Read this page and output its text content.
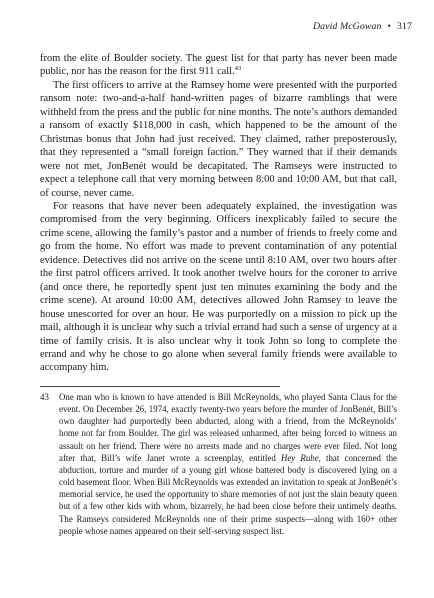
David McGowan • 317

from the elite of Boulder society. The guest list for that party has never been made public, nor has the reason for the first 911 call.$^{43}$

The first officers to arrive at the Ramsey home were presented with the purported ransom note: two-and-a-half hand-written pages of bizarre ramblings that were withheld from the press and the public for nine months. The note’s authors demanded a ransom of exactly $118,000 in cash, which happened to be the amount of the Christmas bonus that John had just received. They claimed, rather preposterously, that they represented a “small foreign faction.” They warned that if their demands were not met, JonBenét would be decapitated. The Ramseys were instructed to expect a telephone call that very morning between 8:00 and 10:00 AM, but that call, of course, never came.

For reasons that have never been adequately explained, the investigation was compromised from the very beginning. Officers inexplicably failed to secure the crime scene, allowing the family’s pastor and a number of friends to freely come and go from the home. No effort was made to prevent contamination of any potential evidence. Detectives did not arrive on the scene until 8:10 AM, over two hours after the first patrol officers arrived. It took another twelve hours for the coroner to arrive (and once there, he reportedly spent just ten minutes examining the body and the crime scene). At around 10:00 AM, detectives allowed John Ramsey to leave the house unescorted for over an hour. He was purportedly on a mission to pick up the mail, although it is unclear why such a trivial errand had such a sense of urgency at a time of family crisis. It is also unclear why it took John so long to complete the errand and why he chose to go alone when several family friends were available to accompany him.

43	One man who is known to have attended is Bill McReynolds, who played Santa Claus for the event. On December 26, 1974, exactly twenty-two years before the murder of JonBenét, Bill’s own daughter had purportedly been abducted, along with a friend, from the McReynolds’ home not far from Boulder. The girl was released unharmed, after being forced to witness an assault on her friend. There were no arrests made and no charges were ever filed. Not long after that, Bill’s wife Janet wrote a screenplay, entitled Hey Rube, that concerned the abduction, torture and murder of a young girl whose battered body is discovered lying on a cold basement floor. When Bill McReynolds was extended an invitation to speak at JonBenét’s memorial service, he used the opportunity to share memories of not just the slain beauty queen but of a few other kids with whom, bizarrely, he had been close before their untimely deaths. The Ramseys considered McReynolds one of their prime suspects—along with 160+ other people whose names appeared on their self-serving suspect list.
